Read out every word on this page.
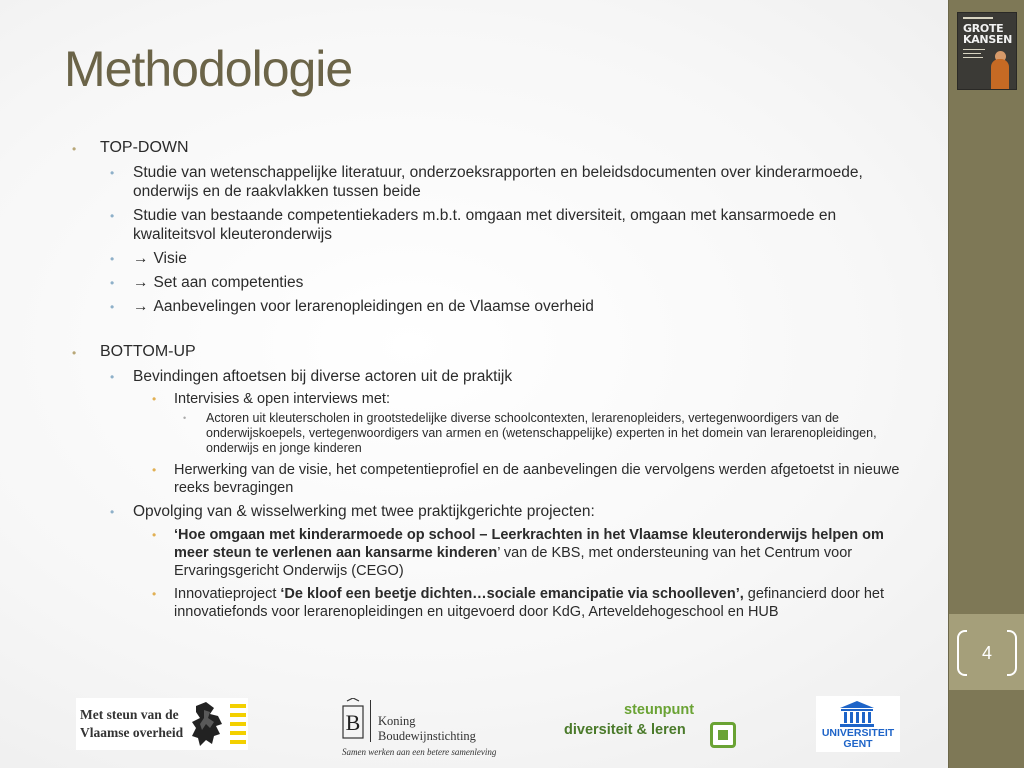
Methodologie
• TOP-DOWN
• Studie van wetenschappelijke literatuur, onderzoeksrapporten en beleidsdocumenten over kinderarmoede, onderwijs en de raakvlakken tussen beide
• Studie van bestaande competentiekaders m.b.t. omgaan met diversiteit, omgaan met kansarmoede en kwaliteitsvol kleuteronderwijs
• → Visie
• → Set aan competenties
• → Aanbevelingen voor lerarenopleidingen en de Vlaamse overheid
• BOTTOM-UP
• Bevindingen aftoetsen bij diverse actoren uit de praktijk
• Intervisies & open interviews met:
• Actoren uit kleuterscholen in grootstedelijke diverse schoolcontexten, lerarenopleiders, vertegenwoordigers van de onderwijskoepels, vertegenwoordigers van armen en (wetenschappelijke) experten in het domein van lerarenopleidingen, onderwijs en jonge kinderen
• Herwerking van de visie, het competentieprofiel en de aanbevelingen die vervolgens werden afgetoetst in nieuwe reeks bevragingen
• Opvolging van & wisselwerking met twee praktijkgerichte projecten:
• ‘Hoe omgaan met kinderarmoede op school – Leerkrachten in het Vlaamse kleuteronderwijs helpen om meer steun te verlenen aan kansarme kinderen’ van de KBS, met ondersteuning van het Centrum voor Ervaringsgericht Onderwijs (CEGO)
• Innovatieproject ‘De kloof een beetje dichten…sociale emancipatie via schoolleven’, gefinancierd door het innovatiefonds voor lerarenopleidingen en uitgevoerd door KdG, Arteveldehogeschool en HUB
Met steun van de
Vlaamse overheid	B Koning
Boudewijnstichting
Samen werken aan een betere samenleving
steunpunt
diversiteit & leren	UNIVERSITEIT
GENT
GROTE KANSEN
4
